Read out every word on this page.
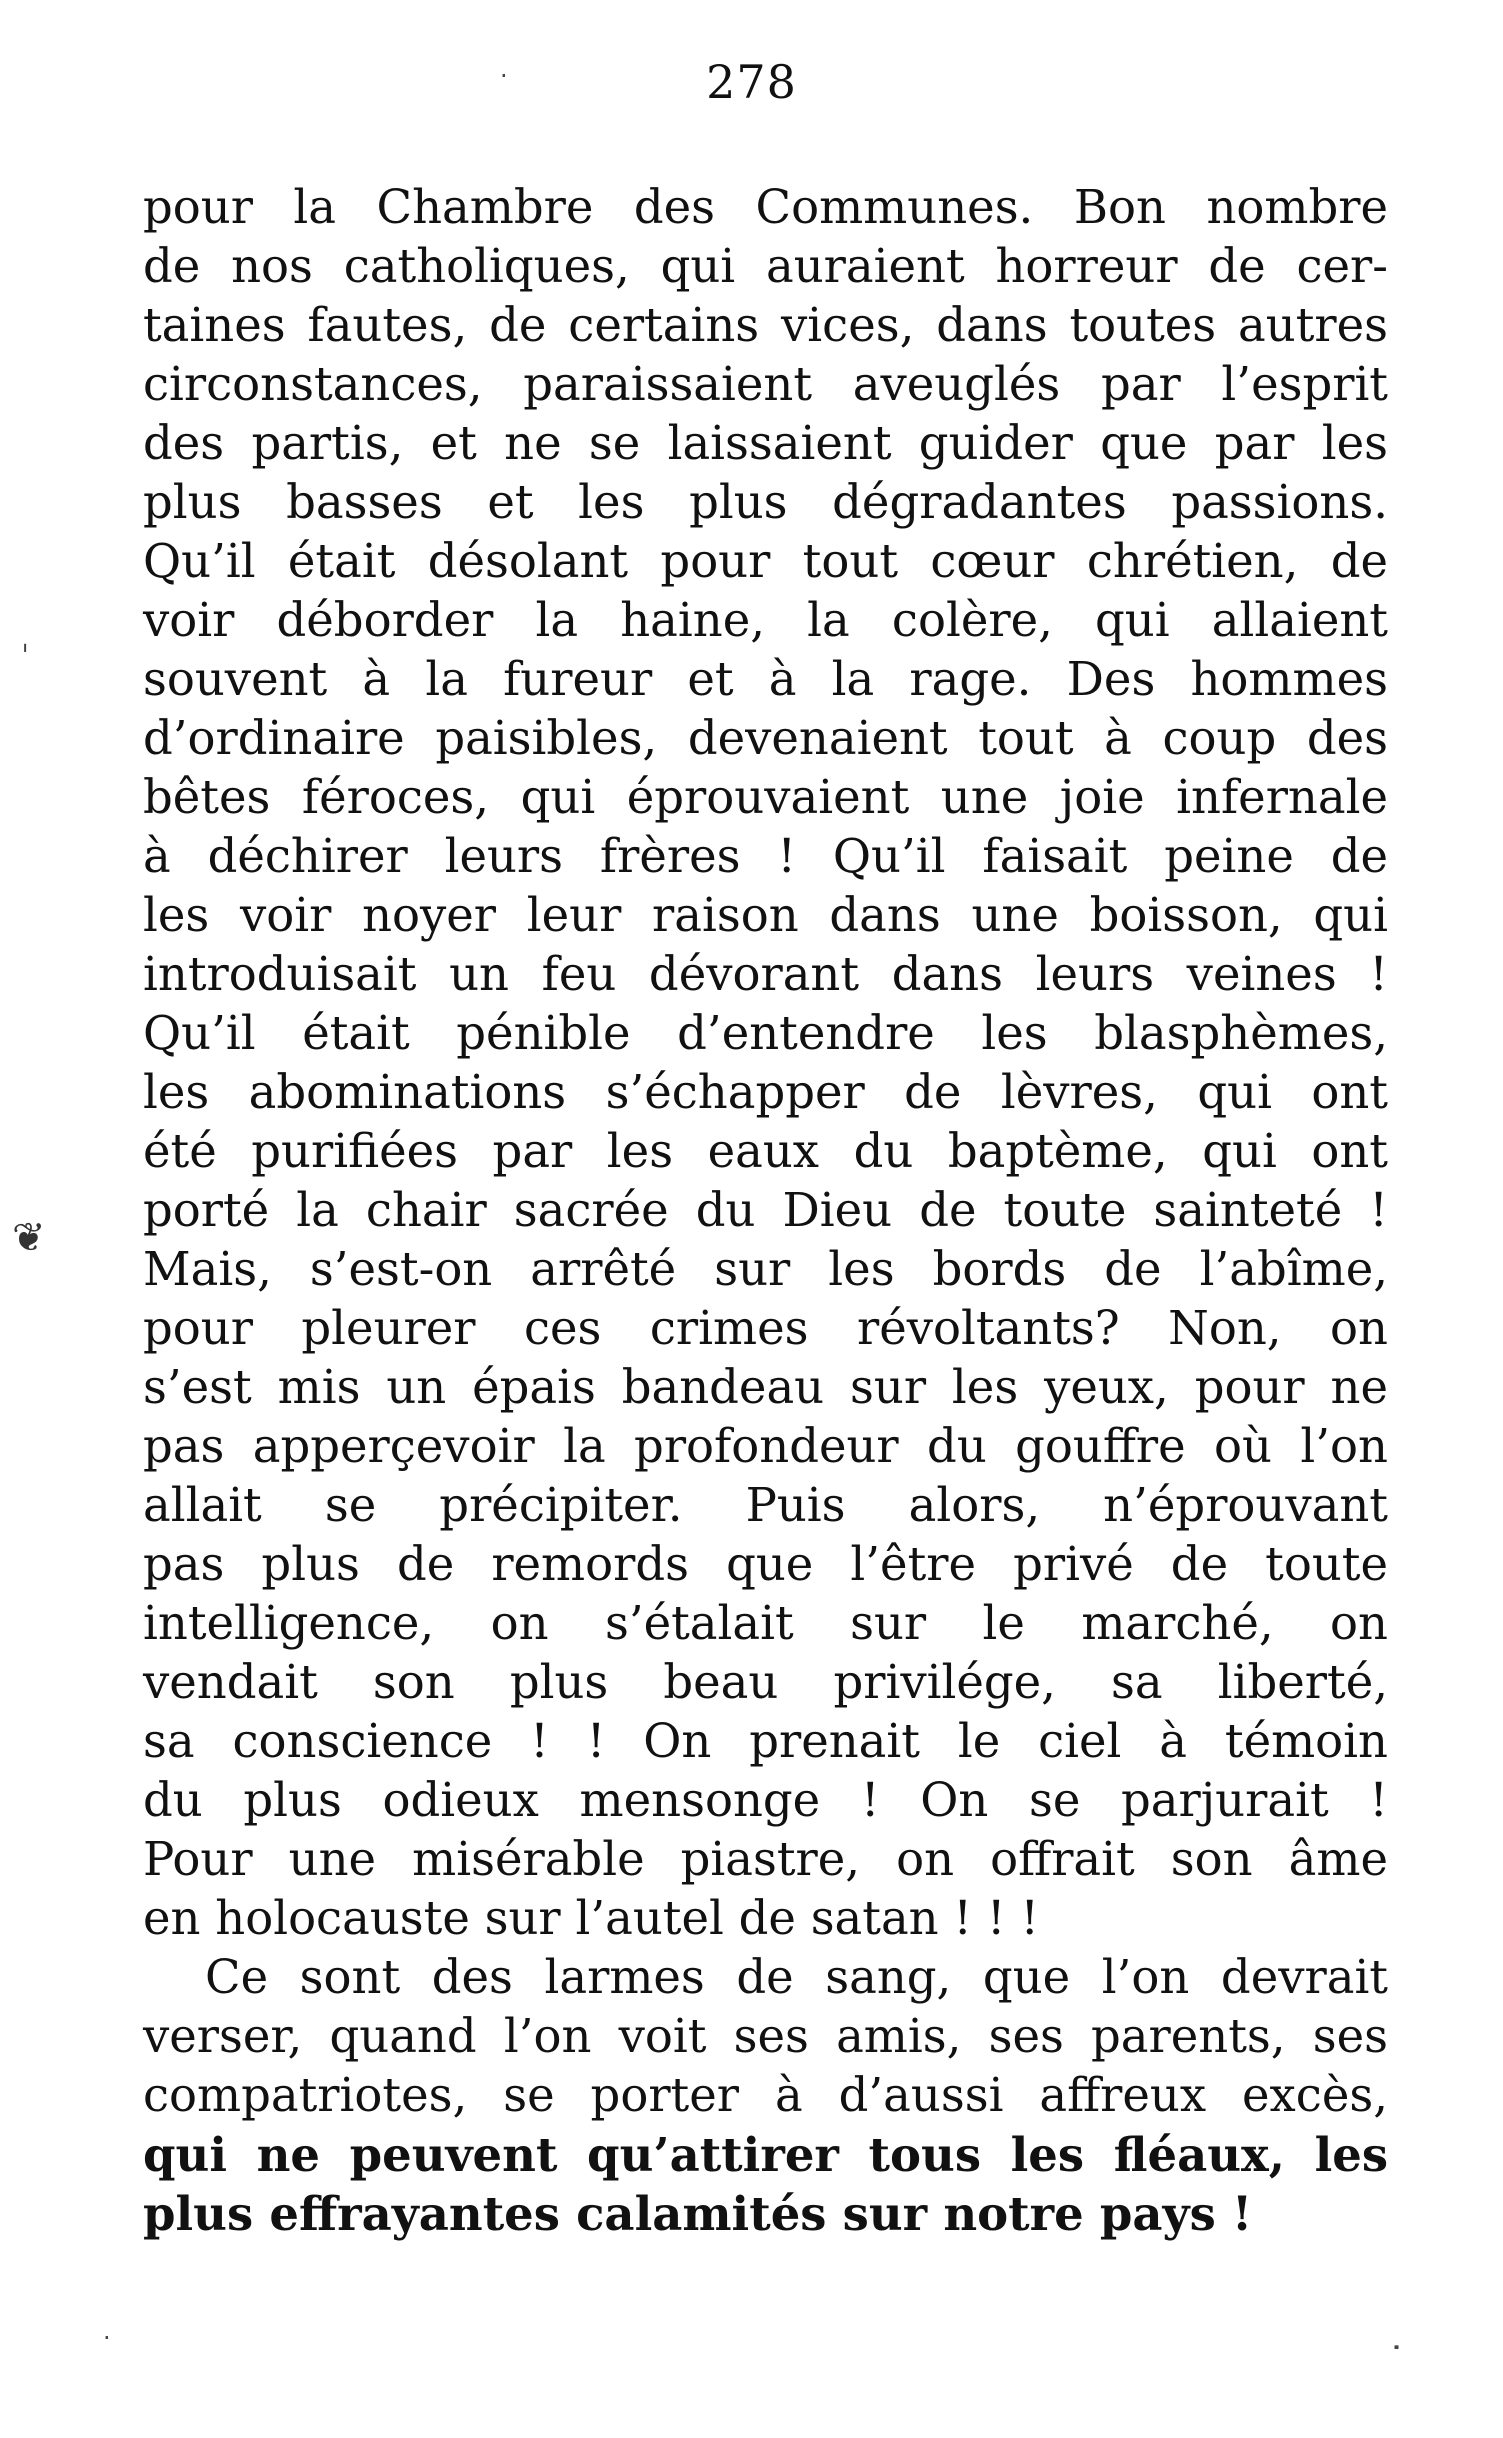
278
pour la Chambre des Communes. Bon nombre
de nos catholiques, qui auraient horreur de cer-
taines fautes, de certains vices, dans toutes autres
circonstances, paraissaient aveuglés par l’esprit
des partis, et ne se laissaient guider que par les
plus basses et les plus dégradantes passions.
Qu’il était désolant pour tout cœur chrétien, de
voir déborder la haine, la colère, qui allaient
souvent à la fureur et à la rage. Des hommes
d’ordinaire paisibles, devenaient tout à coup des
bêtes féroces, qui éprouvaient une joie infernale
à déchirer leurs frères ! Qu’il faisait peine de
les voir noyer leur raison dans une boisson, qui
introduisait un feu dévorant dans leurs veines !
Qu’il était pénible d’entendre les blasphèmes,
les abominations s’échapper de lèvres, qui ont
été purifiées par les eaux du baptème, qui ont
porté la chair sacrée du Dieu de toute sainteté !
Mais, s’est-on arrêté sur les bords de l’abîme,
pour pleurer ces crimes révoltants? Non, on
s’est mis un épais bandeau sur les yeux, pour ne
pas apperçevoir la profondeur du gouffre où l’on
allait se précipiter. Puis alors, n’éprouvant
pas plus de remords que l’être privé de toute
intelligence, on s’étalait sur le marché, on
vendait son plus beau privilége, sa liberté,
sa conscience ! ! On prenait le ciel à témoin
du plus odieux mensonge ! On se parjurait !
Pour une misérable piastre, on offrait son âme
en holocauste sur l’autel de satan ! ! !
Ce sont des larmes de sang, que l’on devrait
verser, quand l’on voit ses amis, ses parents, ses
compatriotes, se porter à d’aussi affreux excès,
qui ne peuvent qu’attirer tous les fléaux, les
plus effrayantes calamités sur notre pays !
·
ˈ
❦
·
˙
